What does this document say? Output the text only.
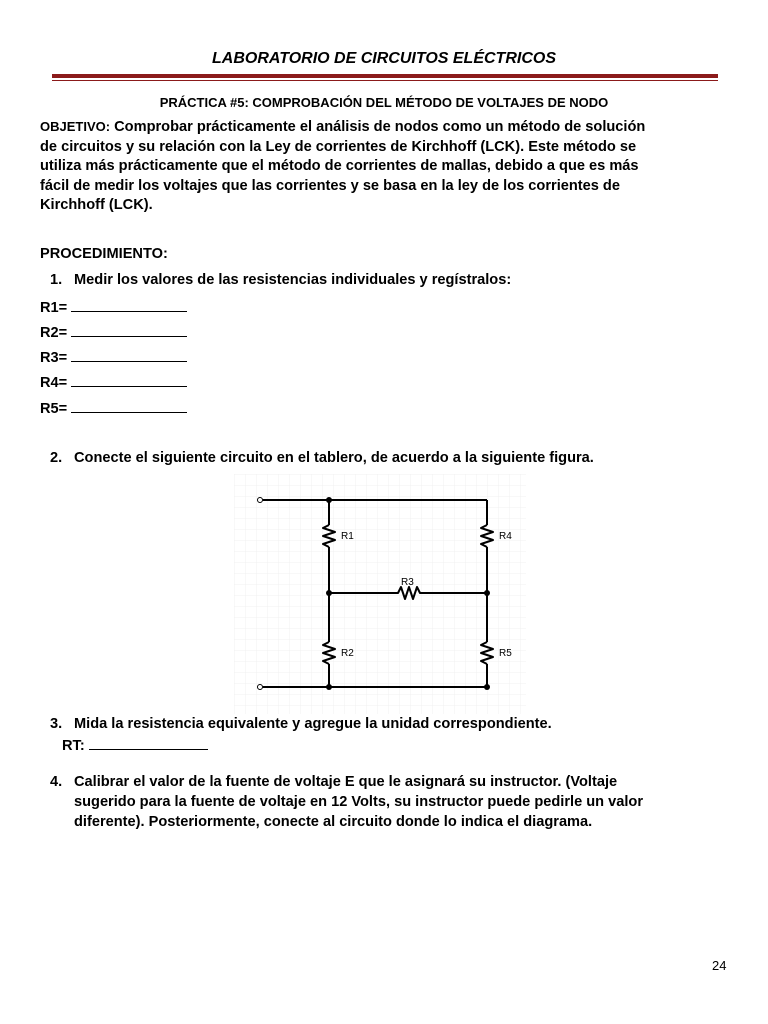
LABORATORIO DE CIRCUITOS ELÉCTRICOS
PRÁCTICA #5: COMPROBACIÓN DEL MÉTODO DE VOLTAJES DE NODO
OBJETIVO: Comprobar prácticamente el análisis de nodos como un método de solución
de circuitos y su relación con la Ley de corrientes de Kirchhoff (LCK). Este método se
utiliza más prácticamente que el método de corrientes de mallas, debido a que es más
fácil de medir los voltajes que las corrientes y se basa en la ley de los corrientes de
Kirchhoff (LCK).
PROCEDIMIENTO:
1. Medir los valores de las resistencias individuales y regístralos:
R1=
R2=
R3=
R4=
R5=
2. Conecte el siguiente circuito en el tablero, de acuerdo a la siguiente figura.
R1
R2
R3
R4
R5
3. Mida la resistencia equivalente y agregue la unidad correspondiente.
RT:
4. Calibrar el valor de la fuente de voltaje E que le asignará su instructor. (Voltaje
sugerido para la fuente de voltaje en 12 Volts, su instructor puede pedirle un valor
diferente). Posteriormente, conecte al circuito donde lo indica el diagrama.
24
